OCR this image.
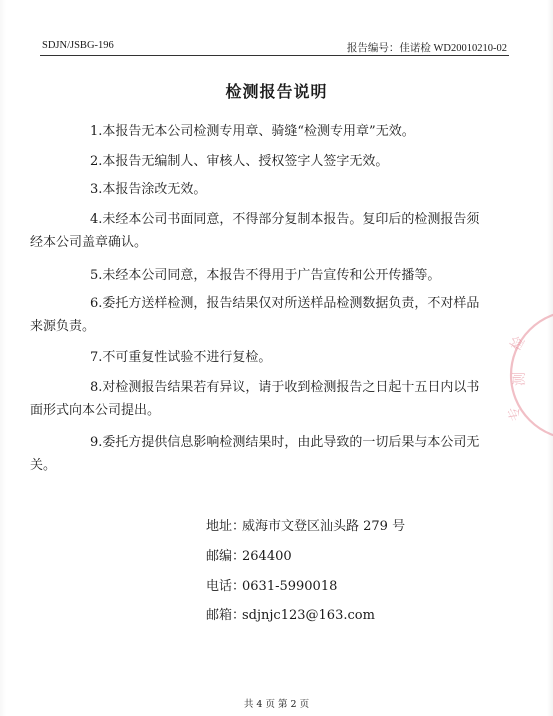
SDJN/JSBG-196	报告编号：佳诺检 WD20010210-02
检测报告说明
1.本报告无本公司检测专用章、骑缝“检测专用章”无效。
2.本报告无编制人、审核人、授权签字人签字无效。
3.本报告涂改无效。
4.未经本公司书面同意，不得部分复制本报告。复印后的检测报告须经本公司盖章确认。
5.未经本公司同意，本报告不得用于广告宣传和公开传播等。
6.委托方送样检测，报告结果仅对所送样品检测数据负责，不对样品来源负责。
7.不可重复性试验不进行复检。
8.对检测报告结果若有异议，请于收到检测报告之日起十五日内以书面形式向本公司提出。
9.委托方提供信息影响检测结果时，由此导致的一切后果与本公司无关。
地址：威海市文登区汕头路 279 号
邮编：264400
电话：0631-5990018
邮箱：sdjnjc123@163.com
检
测
专
共 4 页 第 2 页
